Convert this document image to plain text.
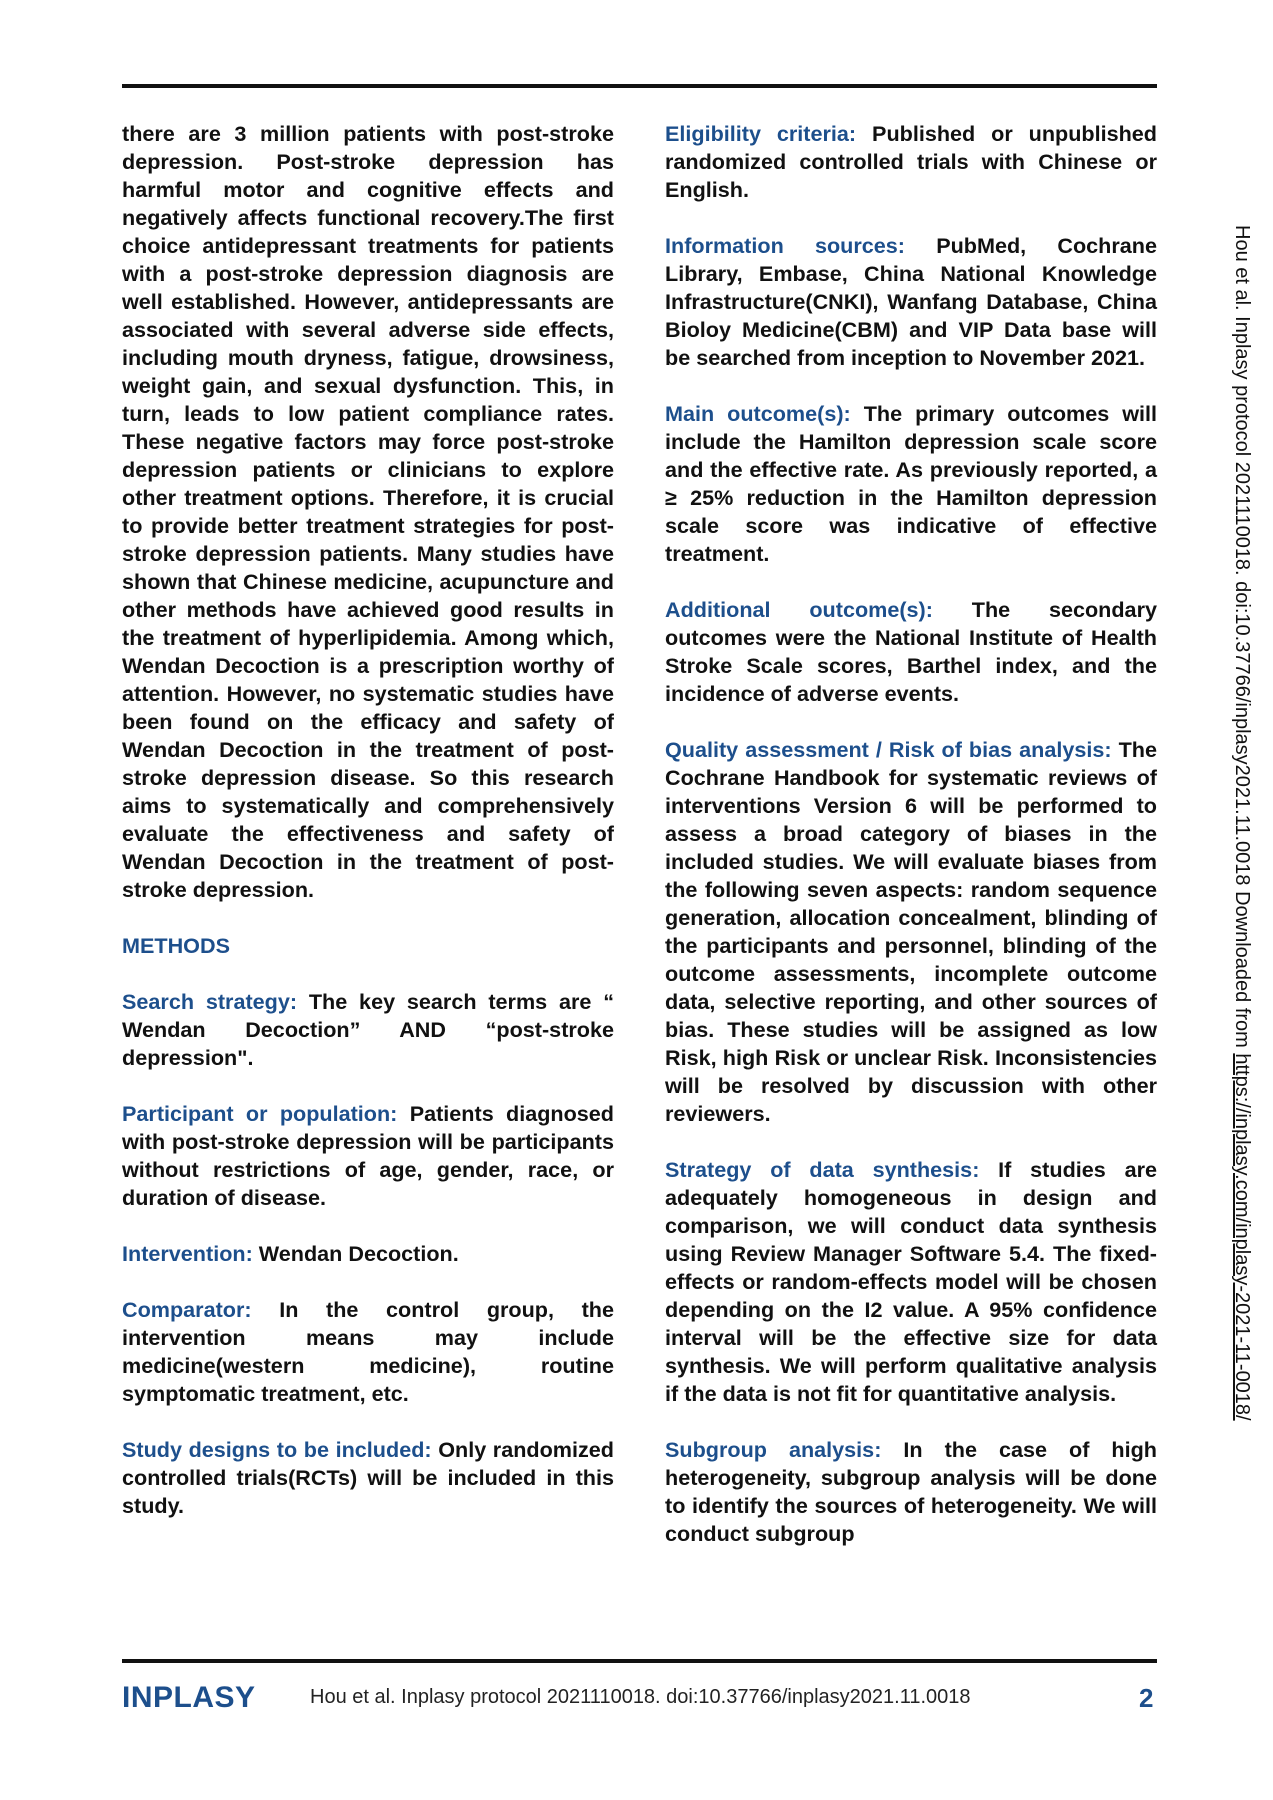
there are 3 million patients with post-stroke depression. Post-stroke depression has harmful motor and cognitive effects and negatively affects functional recovery.The first choice antidepressant treatments for patients with a post-stroke depression diagnosis are well established. However, antidepressants are associated with several adverse side effects, including mouth dryness, fatigue, drowsiness, weight gain, and sexual dysfunction. This, in turn, leads to low patient compliance rates. These negative factors may force post-stroke depression patients or clinicians to explore other treatment options. Therefore, it is crucial to provide better treatment strategies for post-stroke depression patients. Many studies have shown that Chinese medicine, acupuncture and other methods have achieved good results in the treatment of hyperlipidemia. Among which, Wendan Decoction is a prescription worthy of attention. However, no systematic studies have been found on the efficacy and safety of Wendan Decoction in the treatment of post-stroke depression disease. So this research aims to systematically and comprehensively evaluate the effectiveness and safety of Wendan Decoction in the treatment of post-stroke depression.

METHODS

Search strategy: The key search terms are “ Wendan Decoction” AND “post-stroke depression".

Participant or population: Patients diagnosed with post-stroke depression will be participants without restrictions of age, gender, race, or duration of disease.

Intervention: Wendan Decoction.

Comparator: In the control group, the intervention means may include medicine(western medicine), routine symptomatic treatment, etc.

Study designs to be included: Only randomized controlled trials(RCTs) will be included in this study.

Eligibility criteria: Published or unpublished randomized controlled trials with Chinese or English.

Information sources: PubMed, Cochrane Library, Embase, China National Knowledge Infrastructure(CNKI), Wanfang Database, China Bioloy Medicine(CBM) and VIP Data base will be searched from inception to November 2021.

Main outcome(s): The primary outcomes will include the Hamilton depression scale score and the effective rate. As previously reported, a ≥ 25% reduction in the Hamilton depression scale score was indicative of effective treatment.

Additional outcome(s): The secondary outcomes were the National Institute of Health Stroke Scale scores, Barthel index, and the incidence of adverse events.

Quality assessment / Risk of bias analysis: The Cochrane Handbook for systematic reviews of interventions Version 6 will be performed to assess a broad category of biases in the included studies. We will evaluate biases from the following seven aspects: random sequence generation, allocation concealment, blinding of the participants and personnel, blinding of the outcome assessments, incomplete outcome data, selective reporting, and other sources of bias. These studies will be assigned as low Risk, high Risk or unclear Risk. Inconsistencies will be resolved by discussion with other reviewers.

Strategy of data synthesis: If studies are adequately homogeneous in design and comparison, we will conduct data synthesis using Review Manager Software 5.4. The fixed-effects or random-effects model will be chosen depending on the I2 value. A 95% confidence interval will be the effective size for data synthesis. We will perform qualitative analysis if the data is not fit for quantitative analysis.

Subgroup analysis: In the case of high heterogeneity, subgroup analysis will be done to identify the sources of heterogeneity. We will conduct subgroup

Hou et al. Inplasy protocol 2021110018. doi:10.37766/inplasy2021.11.0018 Downloaded from https://inplasy.com/inplasy-2021-11-0018/
INPLASY	Hou et al. Inplasy protocol 2021110018. doi:10.37766/inplasy2021.11.0018	2
